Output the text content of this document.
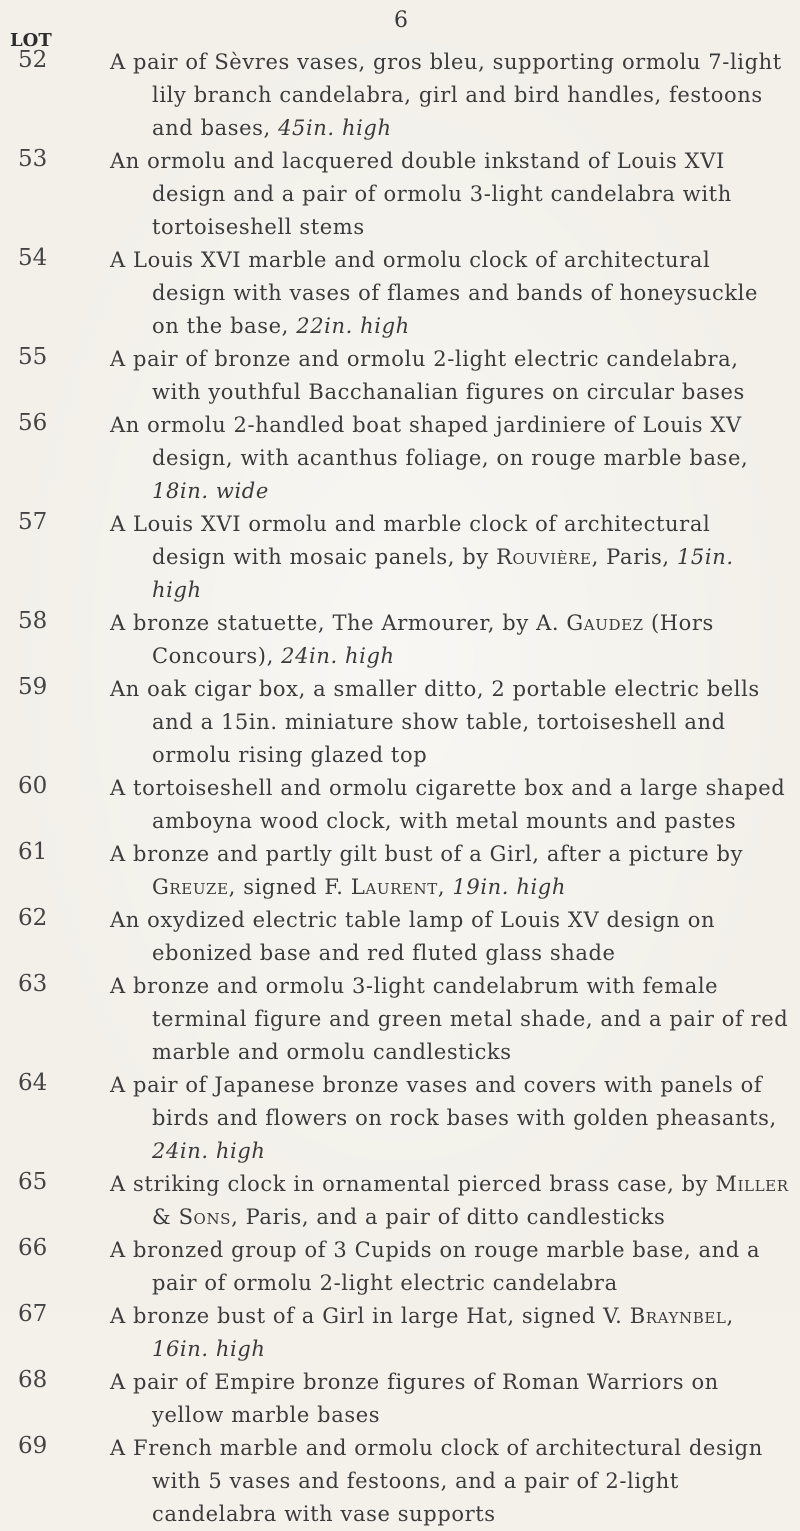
6
LOT
52	A pair of Sèvres vases, gros bleu, supporting ormolu 7-light lily branch candelabra, girl and bird handles, festoons and bases, 45in. high
53	An ormolu and lacquered double inkstand of Louis XVI design and a pair of ormolu 3-light candelabra with tortoiseshell stems
54	A Louis XVI marble and ormolu clock of architectural design with vases of flames and bands of honeysuckle on the base, 22in. high
55	A pair of bronze and ormolu 2-light electric candelabra, with youthful Bacchanalian figures on circular bases
56	An ormolu 2-handled boat shaped jardiniere of Louis XV design, with acanthus foliage, on rouge marble base, 18in. wide
57	A Louis XVI ormolu and marble clock of architectural design with mosaic panels, by Rouvière, Paris, 15in. high
58	A bronze statuette, The Armourer, by A. Gaudez (Hors Concours), 24in. high
59	An oak cigar box, a smaller ditto, 2 portable electric bells and a 15in. miniature show table, tortoiseshell and ormolu rising glazed top
60	A tortoiseshell and ormolu cigarette box and a large shaped amboyna wood clock, with metal mounts and pastes
61	A bronze and partly gilt bust of a Girl, after a picture by Greuze, signed F. Laurent, 19in. high
62	An oxydized electric table lamp of Louis XV design on ebonized base and red fluted glass shade
63	A bronze and ormolu 3-light candelabrum with female terminal figure and green metal shade, and a pair of red marble and ormolu candlesticks
64	A pair of Japanese bronze vases and covers with panels of birds and flowers on rock bases with golden pheasants, 24in. high
65	A striking clock in ornamental pierced brass case, by Miller & Sons, Paris, and a pair of ditto candlesticks
66	A bronzed group of 3 Cupids on rouge marble base, and a pair of ormolu 2-light electric candelabra
67	A bronze bust of a Girl in large Hat, signed V. Braynbel, 16in. high
68	A pair of Empire bronze figures of Roman Warriors on yellow marble bases
69	A French marble and ormolu clock of architectural design with 5 vases and festoons, and a pair of 2-light candelabra with vase supports
